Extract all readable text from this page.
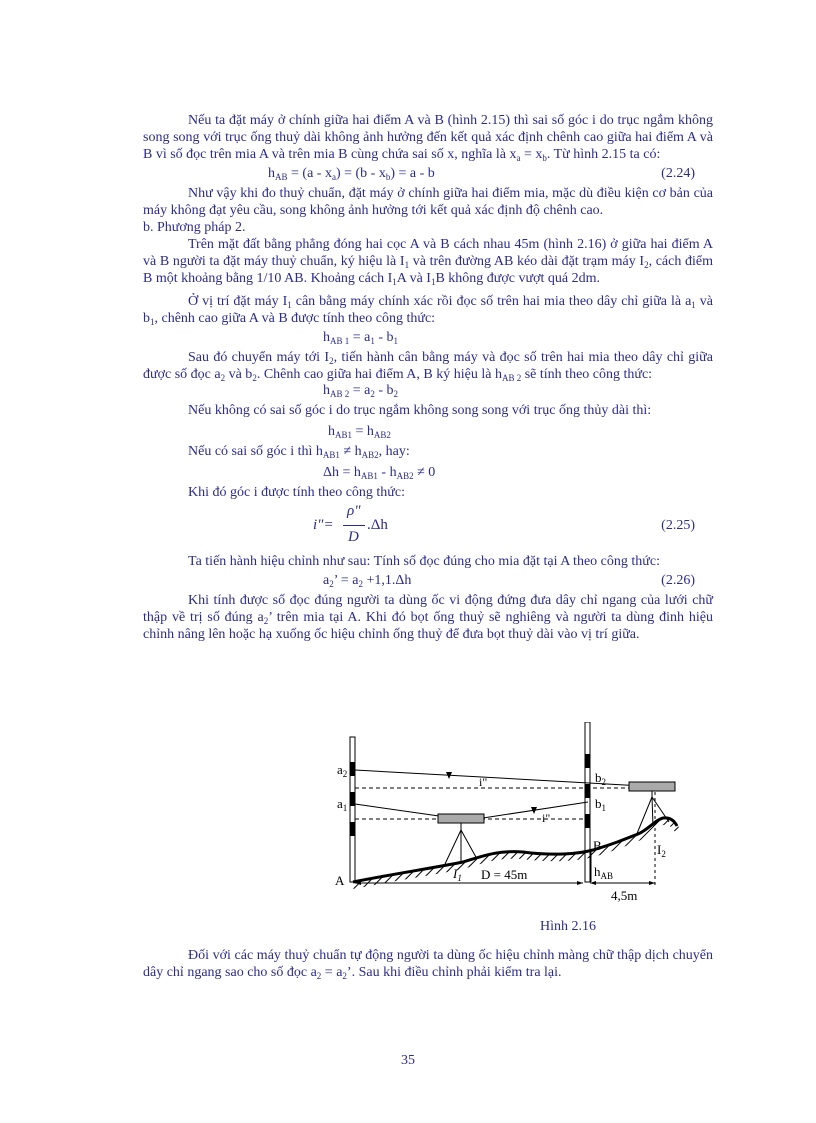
Nếu ta đặt máy ở chính giữa hai điểm A và B (hình 2.15) thì sai số góc i do trục ngắm không song song với trục ống thuỷ dài không ảnh hưởng đến kết quả xác định chênh cao giữa hai điểm A và B vì số đọc trên mia A và trên mia B cùng chứa sai số x, nghĩa là $x_a = x_b$. Từ hình 2.15 ta có:

$h_{AB} = (a - x_a) = (b - x_b) = a - b$	(2.24)

Như vậy khi đo thuỷ chuẩn, đặt máy ở chính giữa hai điểm mia, mặc dù điều kiện cơ bản của máy không đạt yêu cầu, song không ảnh hưởng tới kết quả xác định độ chênh cao.

b. Phương pháp 2.

Trên mặt đất bằng phẳng đóng hai cọc A và B cách nhau 45m (hình 2.16) ở giữa hai điểm A và B người ta đặt máy thuỷ chuẩn, ký hiệu là $I_1$ và trên đường AB kéo dài đặt trạm máy $I_2$, cách điểm B một khoảng bằng 1/10 AB. Khoảng cách $I_1A$ và $I_1B$ không được vượt quá 2dm.

Ở vị trí đặt máy $I_1$ cân bằng máy chính xác rồi đọc số trên hai mia theo dây chỉ giữa là $a_1$ và $b_1$, chênh cao giữa A và B được tính theo công thức:

$h_{AB 1} = a_1 - b_1$

Sau đó chuyển máy tới $I_2$, tiến hành cân bằng máy và đọc số trên hai mia theo dây chỉ giữa được số đọc $a_2$ và $b_2$. Chênh cao giữa hai điểm A, B ký hiệu là $h_{AB 2}$ sẽ tính theo công thức:

$h_{AB 2} = a_2 - b_2$

Nếu không có sai số góc i do trục ngắm không song song với trục ống thủy dài thì:

$h_{AB1} = h_{AB2}$

Nếu có sai số góc i thì $h_{AB1} \ne h_{AB2}$, hay:

$\Delta h = h_{AB1} - h_{AB2} \ne 0$

Khi đó góc i được tính theo công thức:

i"=
ρ"
D
.Δh	(2.25)

Ta tiến hành hiệu chỉnh như sau: Tính số đọc đúng cho mia đặt tại A theo công thức:

$a_2$’ = $a_2 +1,1.\Delta h$	(2.26)

Khi tính được số đọc đúng người ta dùng ốc vi động đứng đưa dây chỉ ngang của lưới chữ thập về trị số đúng $a_2$’ trên mia tại A. Khi đó bọt ống thuỷ sẽ nghiêng và người ta dùng đinh hiệu chỉnh nâng lên hoặc hạ xuống ốc hiệu chỉnh ống thuỷ để đưa bọt thuỷ dài vào vị trí giữa.

$a_2$
$a_1$
$b_2$
$b_1$
i"
i"
A
B
$I_1$
$I_2$
D = 45m	$h_{AB}$
4,5m
Hình 2.16

Đối với các máy thuỷ chuẩn tự động người ta dùng ốc hiệu chỉnh màng chữ thập dịch chuyển dây chỉ ngang sao cho số đọc $a_2 = a_2$’. Sau khi điều chỉnh phải kiểm tra lại.

35
